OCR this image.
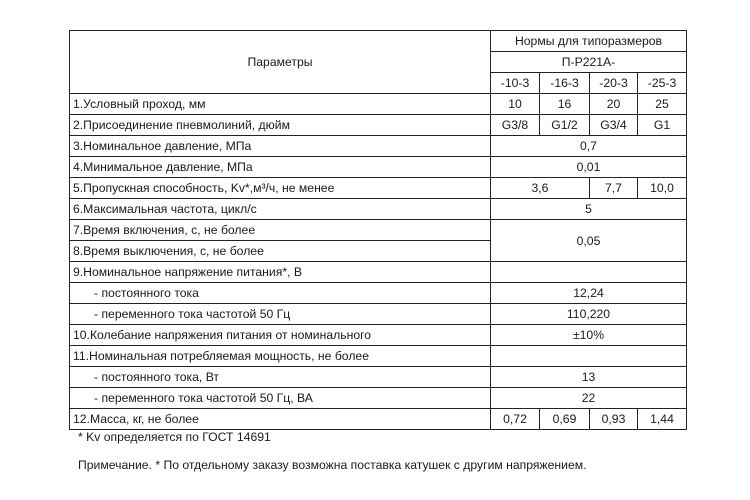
Параметры	Нормы для типоразмеров			
	П-Р221А-			
	-10-3	-16-3	-20-3	-25-3
1.Условный проход, мм	10	16	20	25
2.Присоединение пневмолиний, дюйм	G3/8	G1/2	G3/4	G1
3.Номинальное давление, МПа	0,7			
4.Минимальное давление, МПа	0,01			
5.Пропускная способность, Kv*,м³/ч, не менее	3,6		7,7	10,0
6.Максимальная частота, цикл/с	5			
7.Время включения, с, не более	0,05			
8.Время выключения, с, не более				
9.Номинальное напряжение питания*, В				
- постоянного тока	12,24			
- переменного тока частотой 50 Гц	110,220			
10.Колебание напряжения питания от номинального	±10%			
11.Номинальная потребляемая мощность, не более				
- постоянного тока, Вт	13			
- переменного тока частотой 50 Гц, ВА	22			
12.Масса, кг, не более	0,72	0,69	0,93	1,44
* Kv определяется по ГОСТ 14691
Примечание. * По отдельному заказу возможна поставка катушек с другим напряжением.
